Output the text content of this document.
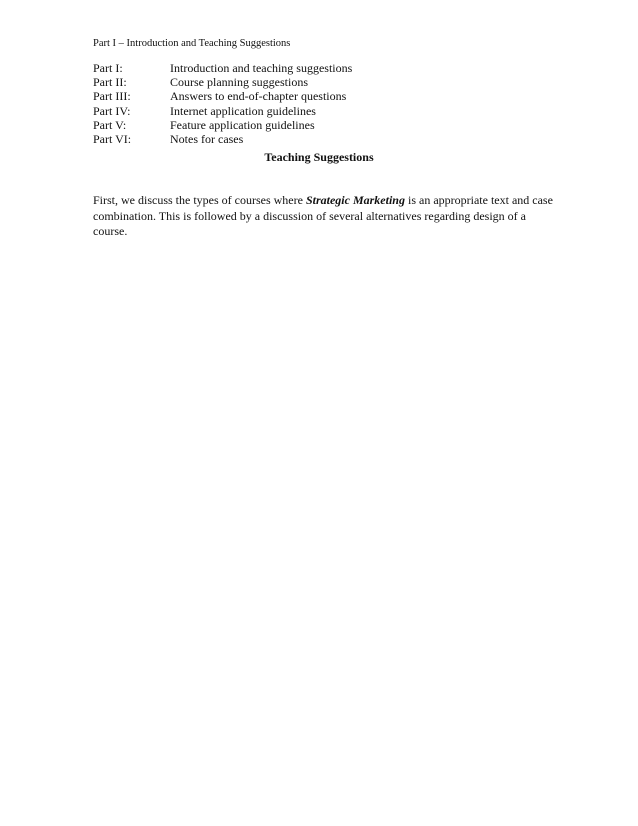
Part I – Introduction and Teaching Suggestions
Part I:	Introduction and teaching suggestions
Part II:	Course planning suggestions
Part III:	Answers to end-of-chapter questions
Part IV:	Internet application guidelines
Part V:	Feature application guidelines
Part VI:	Notes for cases
Teaching Suggestions

First, we discuss the types of courses where Strategic Marketing is an appropriate text and case combination. This is followed by a discussion of several alternatives regarding design of a course.
